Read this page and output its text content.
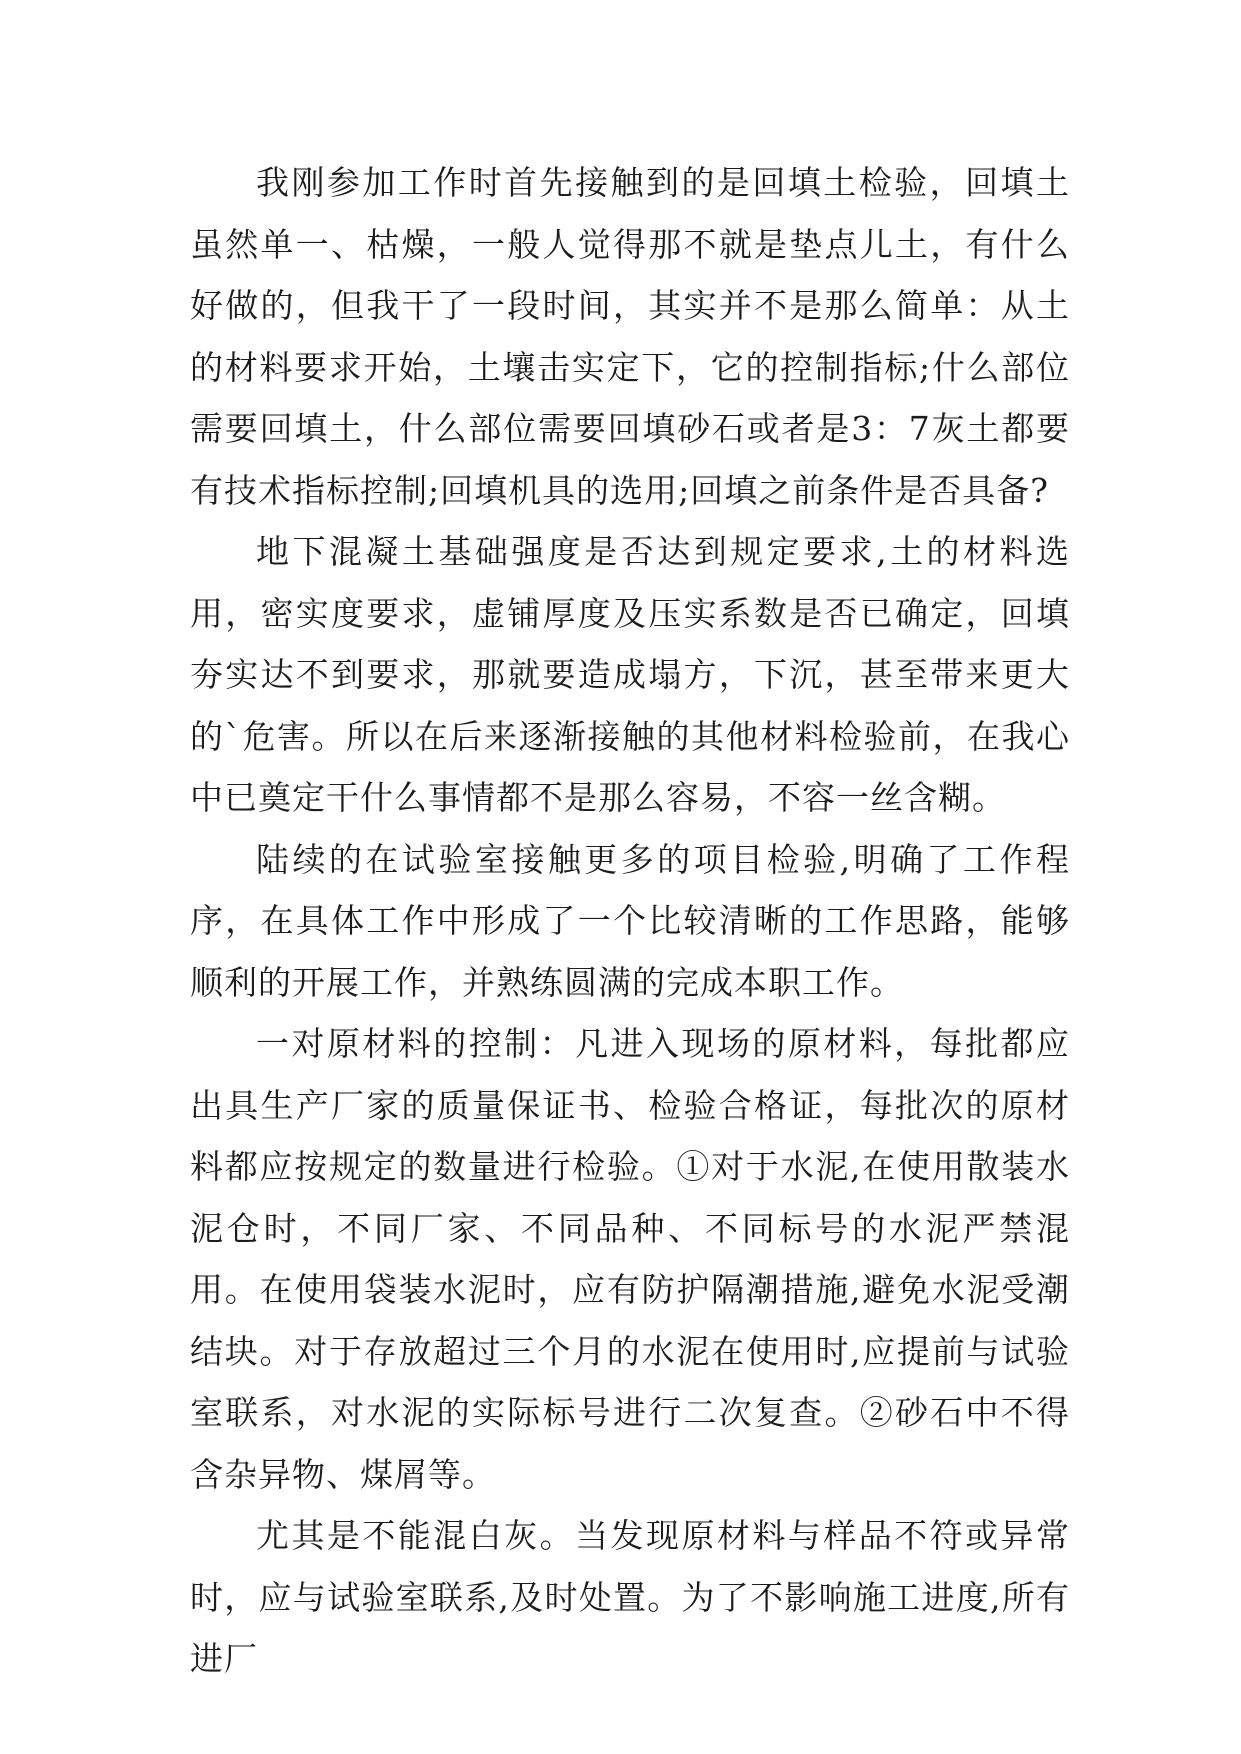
我刚参加工作时首先接触到的是回填土检验，回填土虽然单一、枯燥，一般人觉得那不就是垫点儿土，有什么好做的，但我干了一段时间，其实并不是那么简单：从土的材料要求开始，土壤击实定下，它的控制指标;什么部位需要回填土，什么部位需要回填砂石或者是3：7灰土都要有技术指标控制;回填机具的选用;回填之前条件是否具备?

地下混凝土基础强度是否达到规定要求,土的材料选用，密实度要求，虚铺厚度及压实系数是否已确定，回填夯实达不到要求，那就要造成塌方，下沉，甚至带来更大的`危害。所以在后来逐渐接触的其他材料检验前，在我心中已奠定干什么事情都不是那么容易，不容一丝含糊。

陆续的在试验室接触更多的项目检验,明确了工作程序，在具体工作中形成了一个比较清晰的工作思路，能够顺利的开展工作，并熟练圆满的完成本职工作。

一对原材料的控制：凡进入现场的原材料，每批都应出具生产厂家的质量保证书、检验合格证，每批次的原材料都应按规定的数量进行检验。①对于水泥,在使用散装水泥仓时，不同厂家、不同品种、不同标号的水泥严禁混用。在使用袋装水泥时，应有防护隔潮措施,避免水泥受潮结块。对于存放超过三个月的水泥在使用时,应提前与试验室联系，对水泥的实际标号进行二次复查。②砂石中不得含杂异物、煤屑等。

尤其是不能混白灰。当发现原材料与样品不符或异常时，应与试验室联系,及时处置。为了不影响施工进度,所有进厂
